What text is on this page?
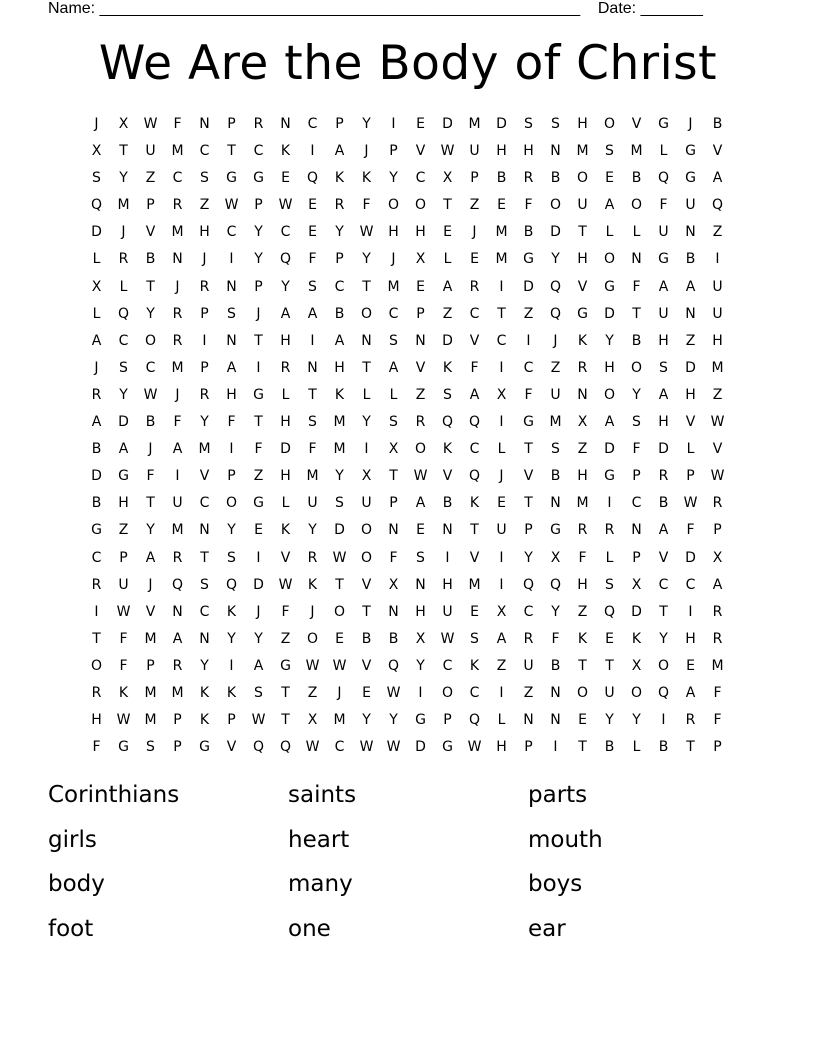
Name: ______________________________________________________ Date: _______
We Are the Body of Christ
J	X	W	F	N	P	R	N	C	P	Y	I	E	D	M	D	S	S	H	O	V	G	J	B
X	T	U	M	C	T	C	K	I	A	J	P	V	W	U	H	H	N	M	S	M	L	G	V
S	Y	Z	C	S	G	G	E	Q	K	K	Y	C	X	P	B	R	B	O	E	B	Q	G	A
Q	M	P	R	Z	W	P	W	E	R	F	O	O	T	Z	E	F	O	U	A	O	F	U	Q
D	J	V	M	H	C	Y	C	E	Y	W	H	H	E	J	M	B	D	T	L	L	U	N	Z
L	R	B	N	J	I	Y	Q	F	P	Y	J	X	L	E	M	G	Y	H	O	N	G	B	I
X	L	T	J	R	N	P	Y	S	C	T	M	E	A	R	I	D	Q	V	G	F	A	A	U
L	Q	Y	R	P	S	J	A	A	B	O	C	P	Z	C	T	Z	Q	G	D	T	U	N	U
A	C	O	R	I	N	T	H	I	A	N	S	N	D	V	C	I	J	K	Y	B	H	Z	H
J	S	C	M	P	A	I	R	N	H	T	A	V	K	F	I	C	Z	R	H	O	S	D	M
R	Y	W	J	R	H	G	L	T	K	L	L	Z	S	A	X	F	U	N	O	Y	A	H	Z
A	D	B	F	Y	F	T	H	S	M	Y	S	R	Q	Q	I	G	M	X	A	S	H	V	W
B	A	J	A	M	I	F	D	F	M	I	X	O	K	C	L	T	S	Z	D	F	D	L	V
D	G	F	I	V	P	Z	H	M	Y	X	T	W	V	Q	J	V	B	H	G	P	R	P	W
B	H	T	U	C	O	G	L	U	S	U	P	A	B	K	E	T	N	M	I	C	B	W	R
G	Z	Y	M	N	Y	E	K	Y	D	O	N	E	N	T	U	P	G	R	R	N	A	F	P
C	P	A	R	T	S	I	V	R	W	O	F	S	I	V	I	Y	X	F	L	P	V	D	X
R	U	J	Q	S	Q	D	W	K	T	V	X	N	H	M	I	Q	Q	H	S	X	C	C	A
I	W	V	N	C	K	J	F	J	O	T	N	H	U	E	X	C	Y	Z	Q	D	T	I	R
T	F	M	A	N	Y	Y	Z	O	E	B	B	X	W	S	A	R	F	K	E	K	Y	H	R
O	F	P	R	Y	I	A	G	W W	V	Q	Y	C	K	Z	U	B	T	T	X	O	E	M
R	K	M	M	K	K	S	T	Z	J	E	W	I	O	C	I	Z	N	O	U	O	Q	A	F
H	W	M	P	K	P	W	T	X	M	Y	Y	G	P	Q	L	N	N	E	Y	Y	I	R	F
F	G	S	P	G	V	Q	Q	W	C	W W	D	G	W	H	P	I	T	B	L	B	T	P
Corinthians	saints	parts
girls	heart	mouth
body	many	boys
foot	one	ear
